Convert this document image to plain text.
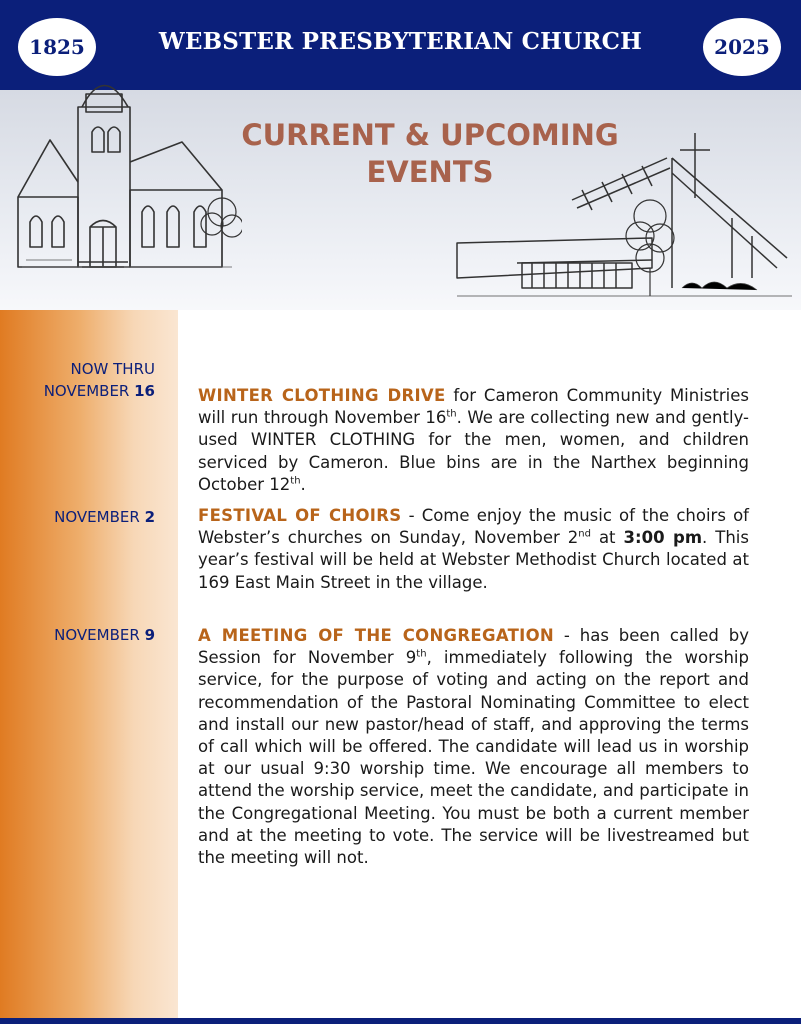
1825	WEBSTER PRESBYTERIAN CHURCH	2025
CURRENT & UPCOMING
EVENTS
NOW THRU
NOVEMBER 16	WINTER CLOTHING DRIVE for Cameron Community Ministries will run through November 16th. We are collecting new and gently-used WINTER CLOTHING for the men, women, and children serviced by Cameron. Blue bins are in the Narthex beginning October 12th.
NOVEMBER 2	FESTIVAL OF CHOIRS - Come enjoy the music of the choirs of Webster’s churches on Sunday, November 2nd at 3:00 pm. This year’s festival will be held at Webster Methodist Church located at 169 East Main Street in the village.
NOVEMBER 9	A MEETING OF THE CONGREGATION - has been called by Session for November 9th, immediately following the worship service, for the purpose of voting and acting on the report and recommendation of the Pastoral Nominating Committee to elect and install our new pastor/head of staff, and approving the terms of call which will be offered. The candidate will lead us in worship at our usual 9:30 worship time. We encourage all members to attend the worship service, meet the candidate, and participate in the Congregational Meeting. You must be both a current member and at the meeting to vote. The service will be livestreamed but the meeting will not.
